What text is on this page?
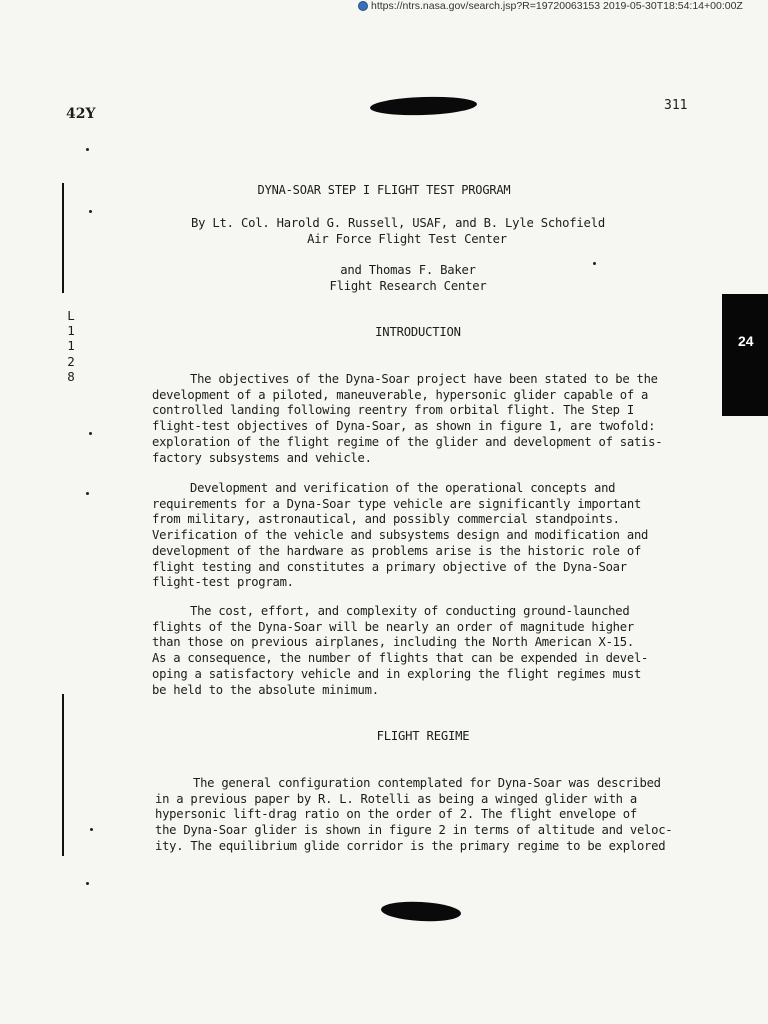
https://ntrs.nasa.gov/search.jsp?R=19720063153 2019-05-30T18:54:14+00:00Z
42Y
311
L
1
1
2
8
24
DYNA-SOAR STEP I FLIGHT TEST PROGRAM
By Lt. Col. Harold G. Russell, USAF, and B. Lyle Schofield
Air Force Flight Test Center
and Thomas F. Baker
Flight Research Center
INTRODUCTION
The objectives of the Dyna-Soar project have been stated to be the
development of a piloted, maneuverable, hypersonic glider capable of a
controlled landing following reentry from orbital flight. The Step I
flight-test objectives of Dyna-Soar, as shown in figure 1, are twofold:
exploration of the flight regime of the glider and development of satis-
factory subsystems and vehicle.
Development and verification of the operational concepts and
requirements for a Dyna-Soar type vehicle are significantly important
from military, astronautical, and possibly commercial standpoints.
Verification of the vehicle and subsystems design and modification and
development of the hardware as problems arise is the historic role of
flight testing and constitutes a primary objective of the Dyna-Soar
flight-test program.
The cost, effort, and complexity of conducting ground-launched
flights of the Dyna-Soar will be nearly an order of magnitude higher
than those on previous airplanes, including the North American X-15.
As a consequence, the number of flights that can be expended in devel-
oping a satisfactory vehicle and in exploring the flight regimes must
be held to the absolute minimum.
FLIGHT REGIME
The general configuration contemplated for Dyna-Soar was described
in a previous paper by R. L. Rotelli as being a winged glider with a
hypersonic lift-drag ratio on the order of 2. The flight envelope of
the Dyna-Soar glider is shown in figure 2 in terms of altitude and veloc-
ity. The equilibrium glide corridor is the primary regime to be explored
